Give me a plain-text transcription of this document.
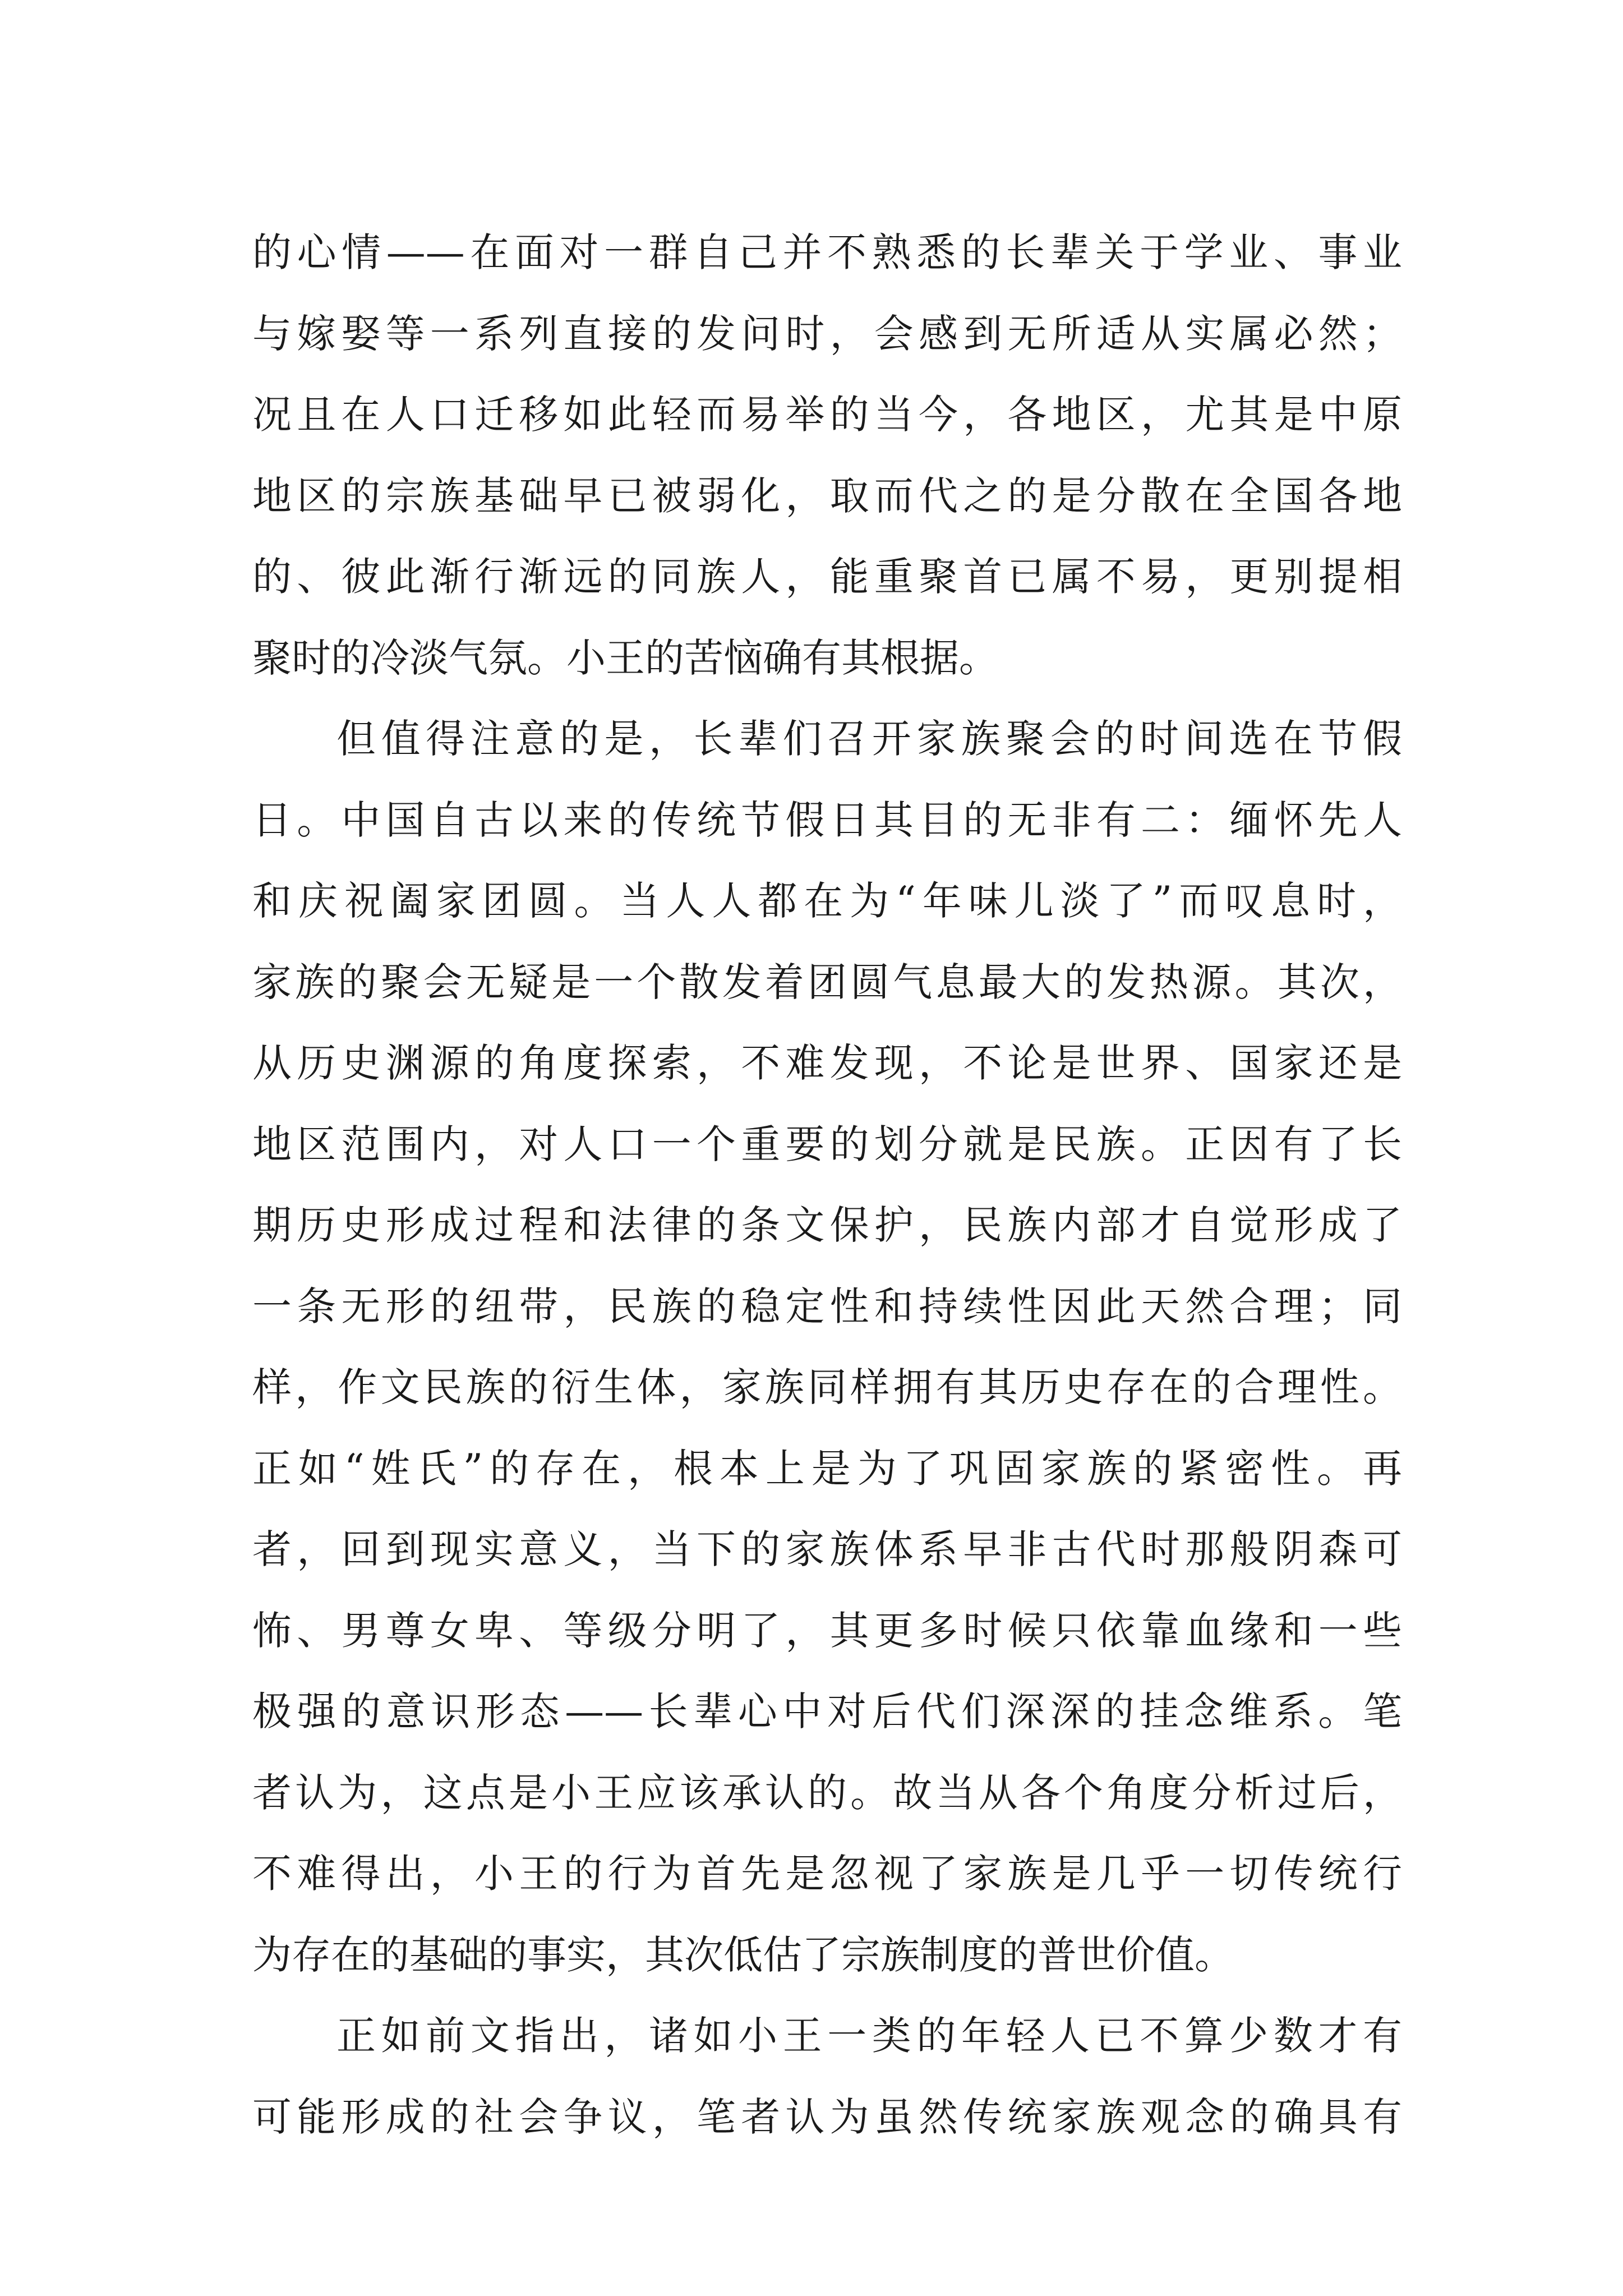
的心情——在面对一群自己并不熟悉的长辈关于学业、事业
与嫁娶等一系列直接的发问时，会感到无所适从实属必然；
况且在人口迁移如此轻而易举的当今，各地区，尤其是中原
地区的宗族基础早已被弱化，取而代之的是分散在全国各地
的、彼此渐行渐远的同族人，能重聚首已属不易，更别提相
聚时的冷淡气氛。小王的苦恼确有其根据。
但值得注意的是，长辈们召开家族聚会的时间选在节假
日。中国自古以来的传统节假日其目的无非有二：缅怀先人
和庆祝阖家团圆。当人人都在为“年味儿淡了”而叹息时，
家族的聚会无疑是一个散发着团圆气息最大的发热源。其次，
从历史渊源的角度探索，不难发现，不论是世界、国家还是
地区范围内，对人口一个重要的划分就是民族。正因有了长
期历史形成过程和法律的条文保护，民族内部才自觉形成了
一条无形的纽带，民族的稳定性和持续性因此天然合理；同
样，作文民族的衍生体，家族同样拥有其历史存在的合理性。
正如“姓氏”的存在，根本上是为了巩固家族的紧密性。再
者，回到现实意义，当下的家族体系早非古代时那般阴森可
怖、男尊女卑、等级分明了，其更多时候只依靠血缘和一些
极强的意识形态——长辈心中对后代们深深的挂念维系。笔
者认为，这点是小王应该承认的。故当从各个角度分析过后，
不难得出，小王的行为首先是忽视了家族是几乎一切传统行
为存在的基础的事实，其次低估了宗族制度的普世价值。
正如前文指出，诸如小王一类的年轻人已不算少数才有
可能形成的社会争议，笔者认为虽然传统家族观念的确具有
